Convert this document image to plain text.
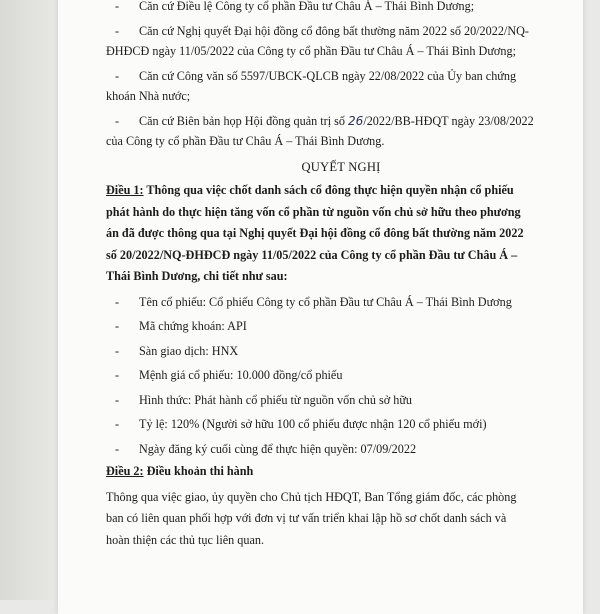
-	Căn cứ Điều lệ Công ty cổ phần Đầu tư Châu Á – Thái Bình Dương;
-	Căn cứ Nghị quyết Đại hội đồng cổ đông bất thường năm 2022 số 20/2022/NQ-
ĐHĐCĐ ngày 11/05/2022 của Công ty cổ phần Đầu tư Châu Á – Thái Bình Dương;
-	Căn cứ Công văn số 5597/UBCK-QLCB ngày 22/08/2022 của Ủy ban chứng
khoán Nhà nước;
-	Căn cứ Biên bản họp Hội đồng quản trị số 26/2022/BB-HĐQT ngày 23/08/2022
của Công ty cổ phần Đầu tư Châu Á – Thái Bình Dương.
QUYẾT NGHỊ
Điều 1: Thông qua việc chốt danh sách cổ đông thực hiện quyền nhận cổ phiếu
phát hành do thực hiện tăng vốn cổ phần từ nguồn vốn chủ sở hữu theo phương
án đã được thông qua tại Nghị quyết Đại hội đồng cổ đông bất thường năm 2022
số 20/2022/NQ-ĐHĐCĐ ngày 11/05/2022 của Công ty cổ phần Đầu tư Châu Á –
Thái Bình Dương, chi tiết như sau:
-	Tên cổ phiếu: Cổ phiếu Công ty cổ phần Đầu tư Châu Á – Thái Bình Dương
-	Mã chứng khoán: API
-	Sàn giao dịch: HNX
-	Mệnh giá cổ phiếu: 10.000 đồng/cổ phiếu
-	Hình thức: Phát hành cổ phiếu từ nguồn vốn chủ sở hữu
-	Tỷ lệ: 120% (Người sở hữu 100 cổ phiếu được nhận 120 cổ phiếu mới)
-	Ngày đăng ký cuối cùng để thực hiện quyền: 07/09/2022
Điều 2: Điều khoản thi hành
Thông qua việc giao, ủy quyền cho Chủ tịch HĐQT, Ban Tổng giám đốc, các phòng
ban có liên quan phối hợp với đơn vị tư vấn triển khai lập hồ sơ chốt danh sách và
hoàn thiện các thủ tục liên quan.
